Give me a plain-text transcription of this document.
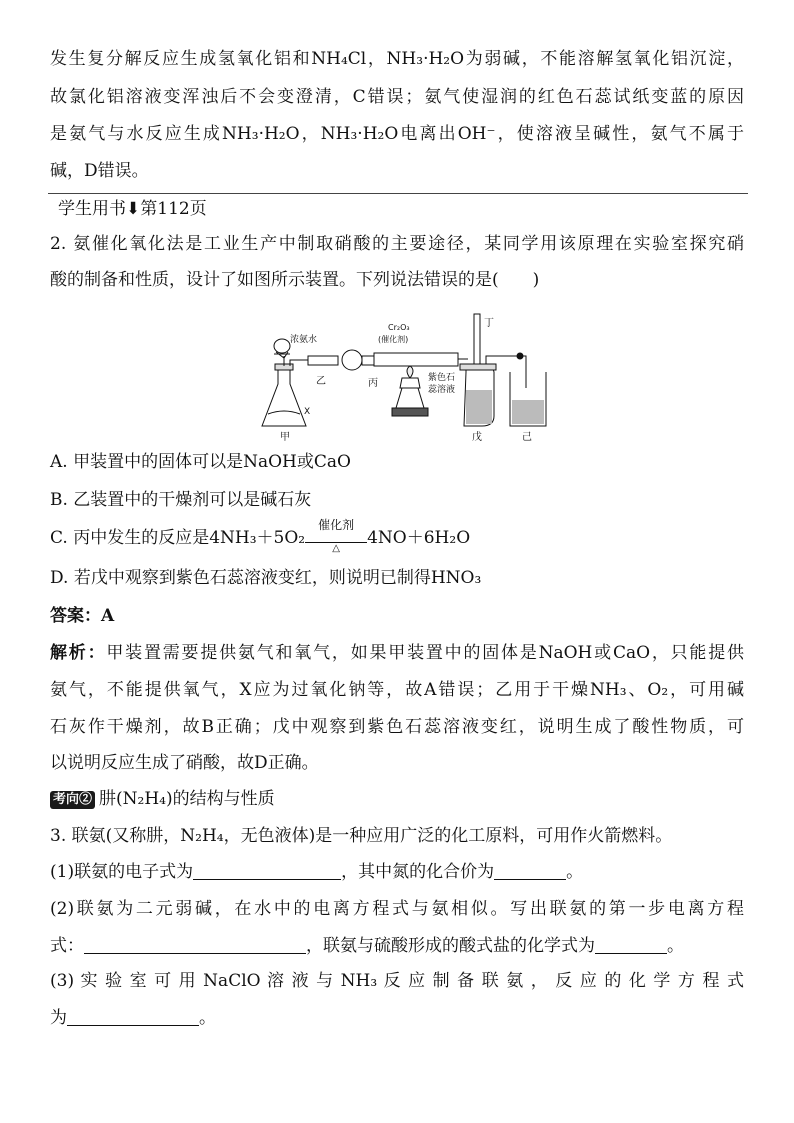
发生复分解反应生成氢氧化铝和NH₄Cl，NH₃·H₂O为弱碱，不能溶解氢氧化铝沉淀，
故氯化铝溶液变浑浊后不会变澄清，C错误；氨气使湿润的红色石蕊试纸变蓝的原因
是氨气与水反应生成NH₃·H₂O，NH₃·H₂O电离出OH⁻，使溶液呈碱性，氨气不属于
碱，D错误。
学生用书⬇第112页
2. 氨催化氧化法是工业生产中制取硝酸的主要途径，某同学用该原理在实验室探究硝
酸的制备和性质，设计了如图所示装置。下列说法错误的是(　　)
浓氨水
Cr₂O₃
(催化剂)
丁
乙	丙	紫色石
蕊溶液
X
甲	戊	己
A. 甲装置中的固体可以是NaOH或CaO
B. 乙装置中的干燥剂可以是碱石灰
C. 丙中发生的反应是4NH₃＋5O₂
催化剂
△
4NO＋6H₂O
D. 若戊中观察到紫色石蕊溶液变红，则说明已制得HNO₃
答案：A
解析：甲装置需要提供氨气和氧气，如果甲装置中的固体是NaOH或CaO，只能提供
氨气，不能提供氧气，X应为过氧化钠等，故A错误；乙用于干燥NH₃、O₂，可用碱
石灰作干燥剂，故B正确；戊中观察到紫色石蕊溶液变红，说明生成了酸性物质，可
以说明反应生成了硝酸，故D正确。
考向② 肼(N₂H₄)的结构与性质
3. 联氨(又称肼，N₂H₄，无色液体)是一种应用广泛的化工原料，可用作火箭燃料。
(1)联氨的电子式为	，其中氮的化合价为	。
(2)联氨为二元弱碱，在水中的电离方程式与氨相似。写出联氨的第一步电离方程
式：	，联氨与硫酸形成的酸式盐的化学式为	。
(3) 实 验 室 可 用 NaClO 溶 液 与 NH₃ 反 应 制 备 联 氨 ， 反 应 的 化 学 方 程 式
为	。
